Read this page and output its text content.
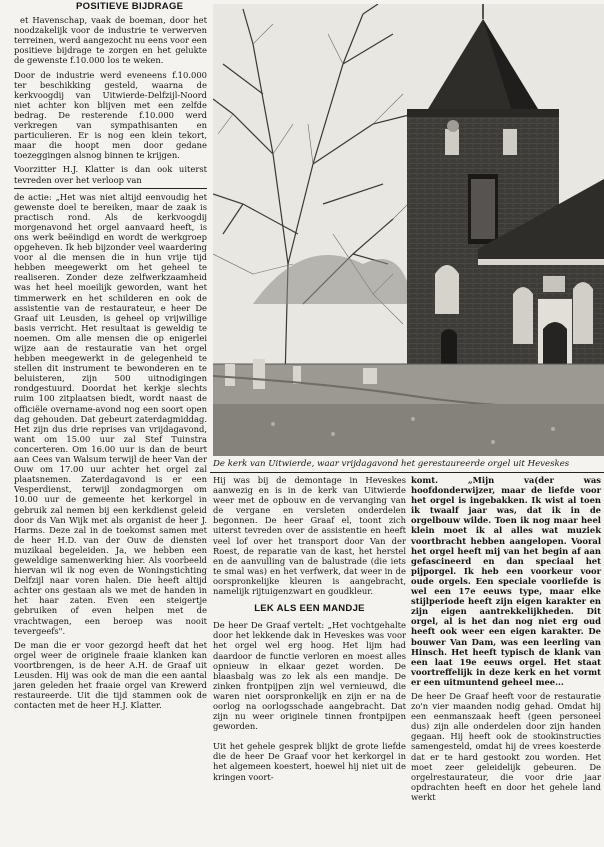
POSITIEVE BIJDRAGE

et Havenschap, vaak de boeman, door het noodzakelijk voor de industrie te verwerven terreinen, werd aangezocht nu eens voor een positieve bijdrage te zorgen en het gelukte de gewenste f.10.000 los te weken.

Door de industrie werd eveneens f.10.000 ter beschikking gesteld, waarna de kerkvoogdij van Uitwierde-Delfzijl-Noord niet achter kon blijven met een zelfde bedrag. De resterende f.10.000 werd verkregen van sympathisanten en particulieren. Er is nog een klein tekort, maar die hoopt men door gedane toezeggingen alsnog binnen te krijgen.

Voorzitter H.J. Klatter is dan ook uiterst tevreden over het verloop van

de actie: „Het was niet altijd eenvoudig het gewenste doel te bereiken, maar de zaak is practisch rond. Als de kerkvoogdij morgenavond het orgel aanvaard heeft, is ons werk beëindigd en wordt de werkgroep opgeheven. Ik heb bijzonder veel waardering voor al die mensen die in hun vrije tijd hebben meegewerkt om het geheel te realiseren. Zonder deze zelfwerkzaamheid was het heel moeilijk geworden, want het timmerwerk en het schilderen en ook de assistentie van de restaurateur, e heer De Graaf uit Leusden, is geheel op vrijwillige basis verricht. Het resultaat is geweldig te noemen. Om alle mensen die op enigerlei wijze aan de restauratie van het orgel hebben meegewerkt in de gelegenheid te stellen dit instrument te bewonderen en te beluisteren, zijn 500 uitnodigingen rondgestuurd. Doordat het kerkje slechts ruim 100 zitplaatsen biedt, wordt naast de officiële overname-avond nog een soort open dag gehouden. Dat gebeurt zaterdagmiddag. Het zijn dus drie reprises van vrijdagavond, want om 15.00 uur zal Stef Tuinstra concerteren. Om 16.00 uur is dan de beurt aan Cees van Walsum terwijl de heer Van der Ouw om 17.00 uur achter het orgel zal plaatsnemen. Zaterdagavond is er een Vesperdienst, terwijl zondagmorgen om 10.00 uur de gemeente het kerkorgel in gebruik zal nemen bij een kerkdienst geleid door ds Van Wijk met als organist de heer J. Harms. Deze zal in de toekomst samen met de heer H.D. van der Ouw de diensten muzikaal begeleiden. Ja, we hebben een geweldige samenwerking hier. Als voorbeeld hiervan wil ik nog even de Woningstichting Delfzijl naar voren halen. Die heeft altijd achter ons gestaan als we met de handen in het haar zaten. Even een steigertje gebruiken of even helpen met de vrachtwagen, een beroep was nooit tevergeefs".

De man die er voor gezorgd heeft dat het orgel weer de originele fraaie klanken kan voortbrengen, is de heer A.H. de Graaf uit Leusden. Hij was ook de man die een aantal jaren geleden het fraaie orgel van Krewerd restaureerde. Uit die tijd stammen ook de contacten met de heer H.J. Klatter.

De kerk van Uitwierde, waar vrijdagavond het gerestaureerde orgel uit Heveskes

Hij was bij de demontage in Heveskes aanwezig en is in de kerk van Uitwierde weer met de opbouw en de vervanging van de vergane en versleten onderdelen begonnen. De heer Graaf el, toont zich uiterst tevreden over de assistentie en heeft veel lof over het transport door Van der Roest, de reparatie van de kast, het herstel en de aanvulling van de balustrade (die iets te smal was) en het verfwerk, dat weer in de oorspronkelijke kleuren is aangebracht, namelijk rijtuigenzwart en goudkleur.

LEK ALS EEN MANDJE

De heer De Graaf vertelt: „Het vochtgehalte door het lekkende dak in Heveskes was voor het orgel wel erg hoog. Het lijm had daardoor de functie verloren en moest alles opnieuw in elkaar gezet worden. De blaasbalg was zo lek als een mandje. De zinken frontpijpen zijn wel vernieuwd, die waren niet oorspronkelijk en zijn er na de oorlog na oorlogsschade aangebracht. Dat zijn nu weer originele tinnen frontpijpen geworden.

Uit het gehele gesprek blijkt de grote liefde die de heer De Graaf voor het kerkorgel in het algemeen koestert, hoewel hij niet uit de kringen voort-

komt. „Mijn va(der was hoofdonderwijzer, maar de liefde voor het orgel is ingebakken. Ik wist al toen ik twaalf jaar was, dat ik in de orgelbouw wilde. Toen ik nog maar heel klein moet ik al alles wat muziek voortbracht hebben aangelopen. Vooral het orgel heeft mij van het begin af aan gefascineerd en dan speciaal het pijporgel. Ik heb een voorkeur voor oude orgels. Een speciale voorliefde is wel een 17e eeuws type, maar elke stijlperiode heeft zijn eigen karakter en zijn eigen aantrekkelijkheden. Dit orgel, al is het dan nog niet erg oud heeft ook weer een eigen karakter. De bouwer Van Dam, was een leerling van Hinsch. Het heeft typisch de klank van een laat 19e eeuws orgel. Het staat voortreffelijk in deze kerk en het vormt er een uitmuntend geheel mee...

De heer De Graaf heeft voor de restauratie zo'n vier maanden nodig gehad. Omdat hij een eenmanszaak heeft (geen personeel dus) zijn alle onderdelen door zijn handen gegaan. Hij heeft ook de stookinstructies samengesteld, omdat hij de vrees koesterde dat er te hard gestookt zou worden. Het moet zeer geleidelijk gebeuren. De orgelrestaurateur, die voor drie jaar opdrachten heeft en door het gehele land werkt
